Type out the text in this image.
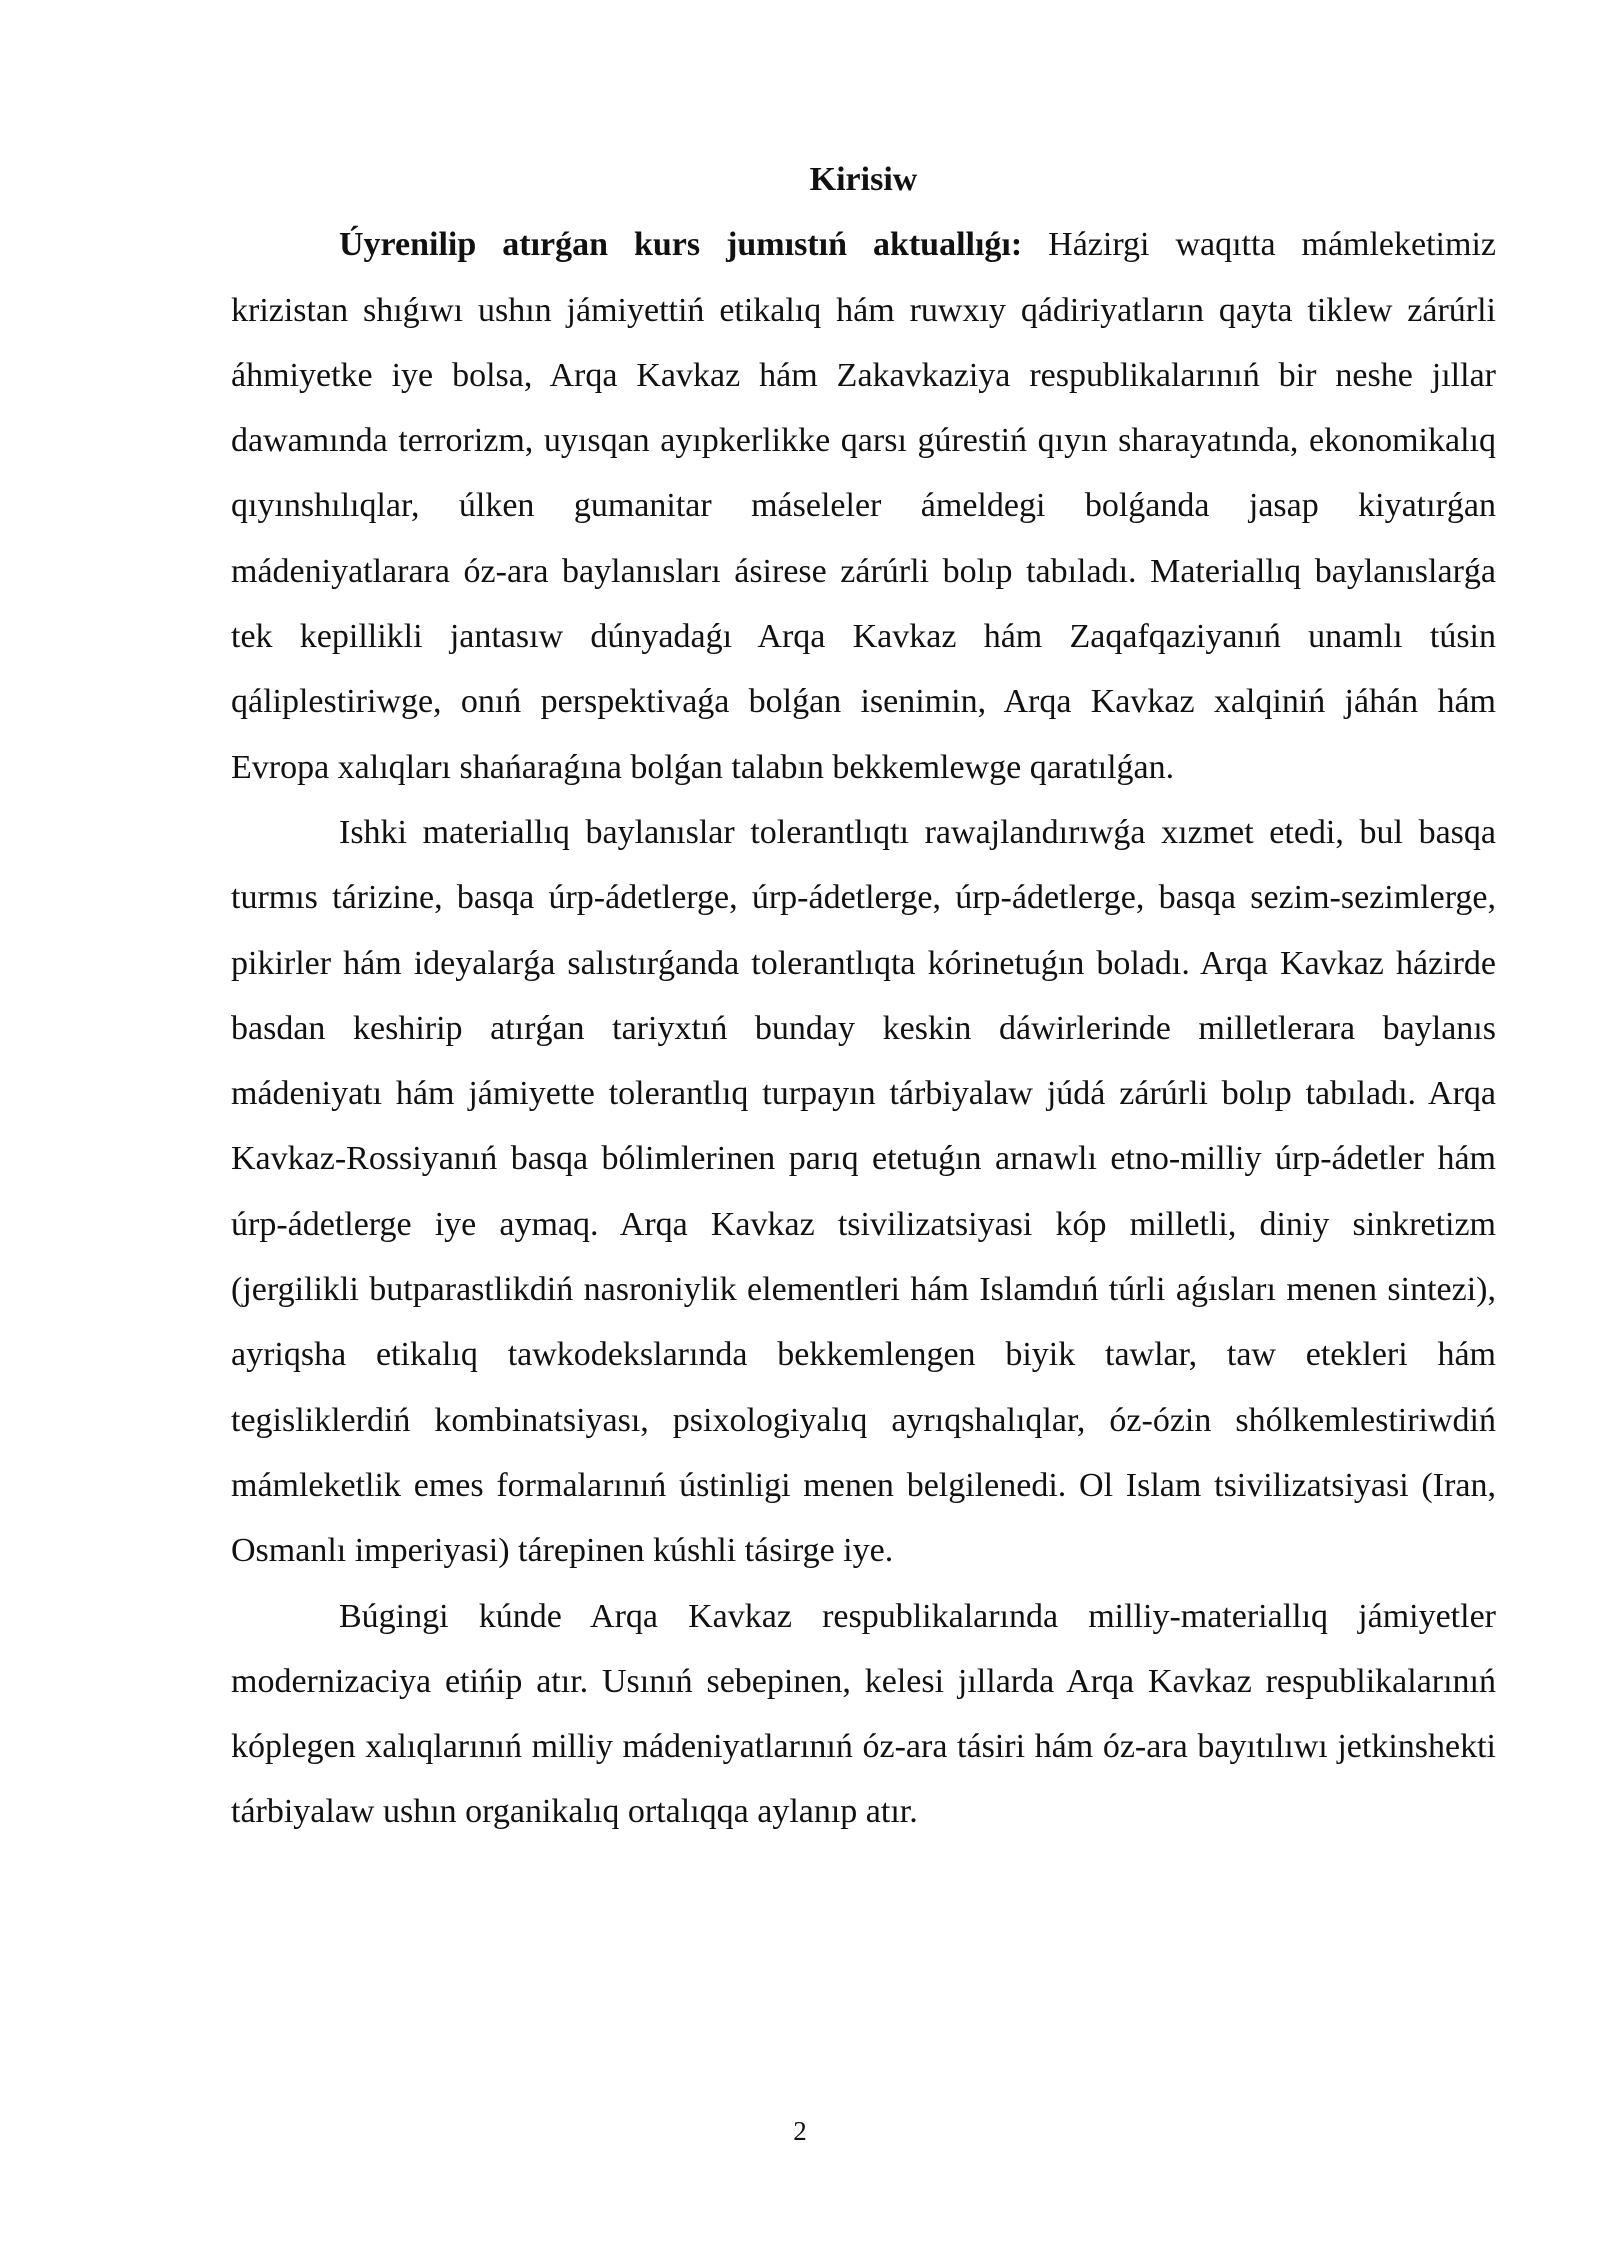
Kirisiw

Úyrenilip atırǵan kurs jumıstıń aktuallıǵı: Házirgi waqıtta mámleketimiz krizistan shıǵıwı ushın jámiyettiń etikalıq hám ruwxıy qádiriyatların qayta tiklew zárúrli áhmiyetke iye bolsa, Arqa Kavkaz hám Zakavkaziya respublikalarınıń bir neshe jıllar dawamında terrorizm, uyısqan ayıpkerlikke qarsı gúrestiń qıyın sharayatında, ekonomikalıq qıyınshılıqlar, úlken gumanitar máseleler ámeldegi bolǵanda jasap kiyatırǵan mádeniyatlarara óz-ara baylanısları ásirese zárúrli bolıp tabıladı. Materiallıq baylanıslarǵa tek kepillikli jantasıw dúnyadaǵı Arqa Kavkaz hám Zaqafqaziyanıń unamlı túsin qáliplestiriwge, onıń perspektivaǵa bolǵan isenimin, Arqa Kavkaz xalqiniń jáhán hám Evropa xalıqları shańaraǵına bolǵan talabın bekkemlewge qaratılǵan.

Ishki materiallıq baylanıslar tolerantlıqtı rawajlandırıwǵa xızmet etedi, bul basqa turmıs tárizine, basqa úrp-ádetlerge, úrp-ádetlerge, úrp-ádetlerge, basqa sezim-sezimlerge, pikirler hám ideyalarǵa salıstırǵanda tolerantlıqta kórinetuǵın boladı. Arqa Kavkaz házirde basdan keshirip atırǵan tariyxtıń bunday keskin dáwirlerinde milletlerara baylanıs mádeniyatı hám jámiyette tolerantlıq turpayın tárbiyalaw júdá zárúrli bolıp tabıladı. Arqa Kavkaz-Rossiyanıń basqa bólimlerinen parıq etetuǵın arnawlı etno-milliy úrp-ádetler hám úrp-ádetlerge iye aymaq. Arqa Kavkaz tsivilizatsiyasi kóp milletli, diniy sinkretizm (jergilikli butparastlikdiń nasroniylik elementleri hám Islamdıń túrli aǵısları menen sintezi), ayriqsha etikalıq tawkodekslarında bekkemlengen biyik tawlar, taw etekleri hám tegisliklerdiń kombinatsiyası, psixologiyalıq ayrıqshalıqlar, óz-ózin shólkemlestiriwdiń mámleketlik emes formalarınıń ústinligi menen belgilenedi. Ol Islam tsivilizatsiyasi (Iran, Osmanlı imperiyasi) tárepinen kúshli tásirge iye.

Búgingi kúnde Arqa Kavkaz respublikalarında milliy-materiallıq jámiyetler modernizaciya etińip atır. Usınıń sebepinen, kelesi jıllarda Arqa Kavkaz respublikalarınıń kóplegen xalıqlarınıń milliy mádeniyatlarınıń óz-ara tásiri hám óz-ara bayıtılıwı jetkinshekti tárbiyalaw ushın organikalıq ortalıqqa aylanıp atır.

2
